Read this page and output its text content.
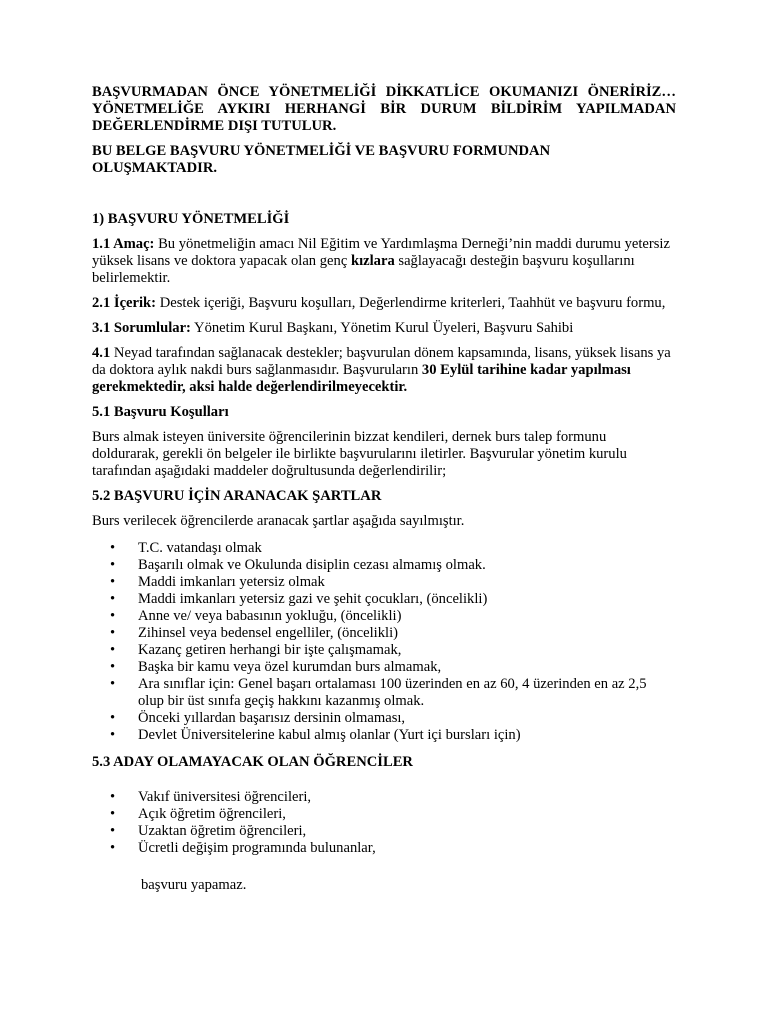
BAŞVURMADAN ÖNCE YÖNETMELİĞİ DİKKATLİCE OKUMANIZI ÖNERİRİZ… YÖNETMELİĞE AYKIRI HERHANGİ BİR DURUM BİLDİRİM YAPILMADAN DEĞERLENDİRME DIŞI TUTULUR.

BU BELGE BAŞVURU YÖNETMELİĞİ VE BAŞVURU FORMUNDAN OLUŞMAKTADIR.

1) BAŞVURU YÖNETMELİĞİ

1.1 Amaç: Bu yönetmeliğin amacı Nil Eğitim ve Yardımlaşma Derneği’nin maddi durumu yetersiz yüksek lisans ve doktora yapacak olan genç kızlara sağlayacağı desteğin başvuru koşullarını belirlemektir.

2.1 İçerik: Destek içeriği, Başvuru koşulları, Değerlendirme kriterleri, Taahhüt ve başvuru formu,

3.1 Sorumlular: Yönetim Kurul Başkanı, Yönetim Kurul Üyeleri, Başvuru Sahibi

4.1 Neyad tarafından sağlanacak destekler; başvurulan dönem kapsamında, lisans, yüksek lisans ya da doktora aylık nakdi burs sağlanmasıdır. Başvuruların 30 Eylül tarihine kadar yapılması gerekmektedir, aksi halde değerlendirilmeyecektir.

5.1 Başvuru Koşulları

Burs almak isteyen üniversite öğrencilerinin bizzat kendileri, dernek burs talep formunu doldurarak, gerekli ön belgeler ile birlikte başvurularını iletirler. Başvurular yönetim kurulu tarafından aşağıdaki maddeler doğrultusunda değerlendirilir;

5.2 BAŞVURU İÇİN ARANACAK ŞARTLAR

Burs verilecek öğrencilerde aranacak şartlar aşağıda sayılmıştır.

• T.C. vatandaşı olmak
• Başarılı olmak ve Okulunda disiplin cezası almamış olmak.
• Maddi imkanları yetersiz olmak
• Maddi imkanları yetersiz gazi ve şehit çocukları, (öncelikli)
• Anne ve/ veya babasının yokluğu, (öncelikli)
• Zihinsel veya bedensel engelliler, (öncelikli)
• Kazanç getiren herhangi bir işte çalışmamak,
• Başka bir kamu veya özel kurumdan burs almamak,
• Ara sınıflar için: Genel başarı ortalaması 100 üzerinden en az 60, 4 üzerinden en az 2,5 olup bir üst sınıfa geçiş hakkını kazanmış olmak.
• Önceki yıllardan başarısız dersinin olmaması,
• Devlet Üniversitelerine kabul almış olanlar (Yurt içi bursları için)

5.3 ADAY OLAMAYACAK OLAN ÖĞRENCİLER

• Vakıf üniversitesi öğrencileri,
• Açık öğretim öğrencileri,
• Uzaktan öğretim öğrencileri,
• Ücretli değişim programında bulunanlar,

başvuru yapamaz.
